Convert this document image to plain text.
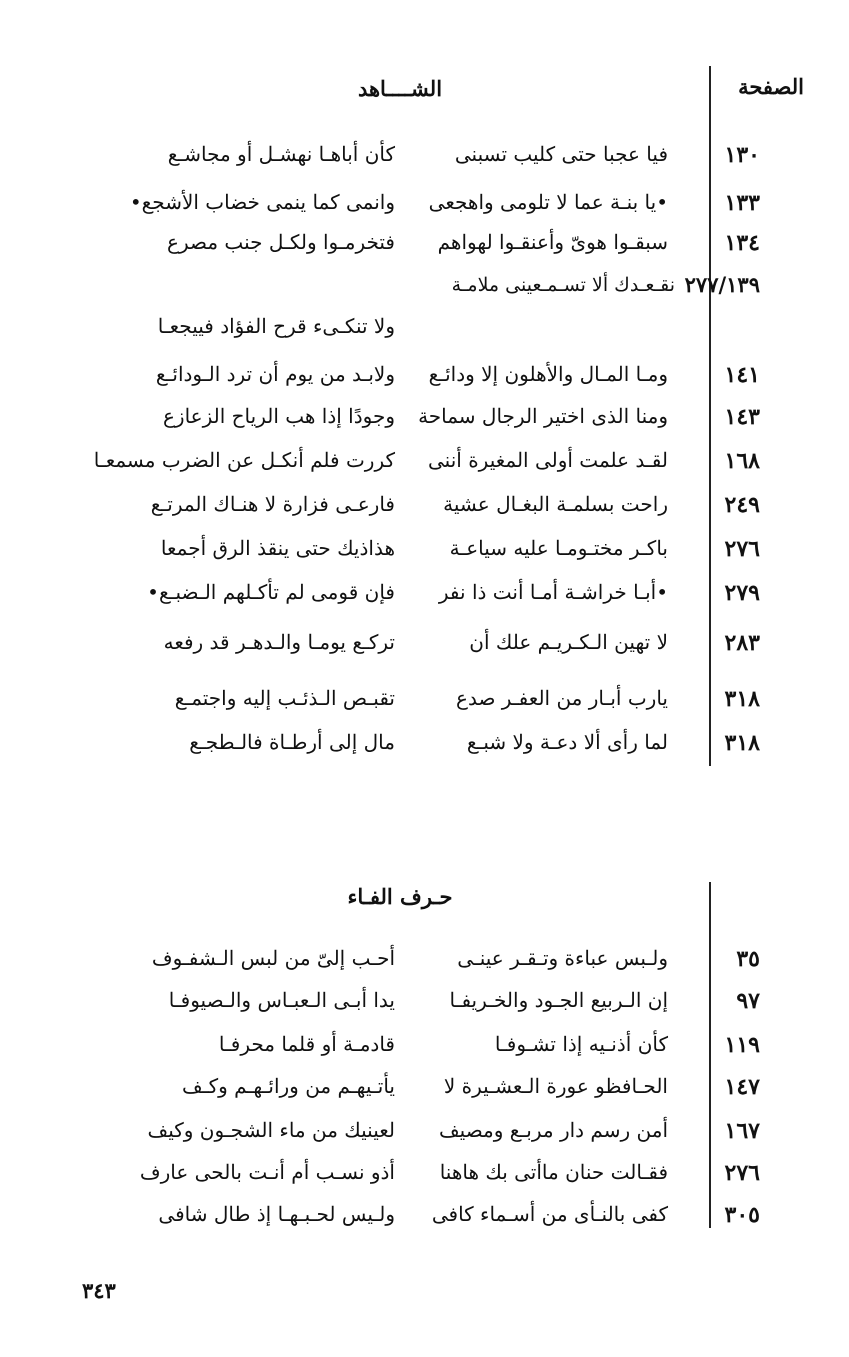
الصفحة
الشــــاهد
١٣٠
فيا عجبا حتى كليب تسبنى
كأن أباهـا نهشـل أو مجاشـع
١٣٣
•يا بنـة عما لا تلومى واهجعى
وانمى كما ينمى خضاب الأشجع•
١٣٤
سبقـوا هوىّ وأعنقـوا لهواهم
فتخرمـوا ولكـل جنب مصرع
٢٧٧/١٣٩
نقـعـدك ألا تسـمـعينى ملامـة
ولا تنكـىء قرح الفؤاد فييجعـا
١٤١
ومـا المـال والأهلون إلا ودائـع
ولابـد من يوم أن ترد الـودائـع
١٤٣
ومنا الذى اختير الرجال سماحة
وجودًا إذا هب الرياح الزعازع
١٦٨
لقـد علمت أولى المغيرة أننى
كررت فلم أنكـل عن الضرب مسمعـا
٢٤٩
راحت بسلمـة البغـال عشية
فارعـى فزارة لا هنـاك المرتـع
٢٧٦
باكـر مختـومـا عليه سياعـة
هذاذيك حتى ينقذ الرق أجمعا
٢٧٩
•أبـا خراشـة أمـا أنت ذا نفر
فإن قومى لم تأكـلهم الـضبـع•
٢٨٣
لا تهين الـكـريـم علك أن
تركـع يومـا والـدهـر قد رفعه
٣١٨
يارب أبـار من العفـر صدع
تقبـص الـذئـب إليه واجتمـع
٣١٨
لما رأى ألا دعـة ولا شبـع
مال إلى أرطـاة فالـطجـع
حـرف الفـاء
٣٥
ولـبس عباءة وتـقـر عينـى
أحـب إلىّ من لبس الـشفـوف
٩٧
إن الـربيع الجـود والخـريفـا
يدا أبـى الـعبـاس والـصيوفـا
١١٩
كأن أذنـيه إذا تشـوفـا
قادمـة أو قلما محرفـا
١٤٧
الحـافظو عورة الـعشـيرة لا
يأتـيهـم من ورائـهـم وكـف
١٦٧
أمن رسم دار مربـع ومصيف
لعينيك من ماء الشجـون وكيف
٢٧٦
فقـالت حنان ماأتى بك هاهنا
أذو نسـب أم أنـت بالحى عارف
٣٠٥
كفى بالنـأى من أسـماء كافى
ولـيس لحـبـهـا إذ طال شافى
٣٤٣
